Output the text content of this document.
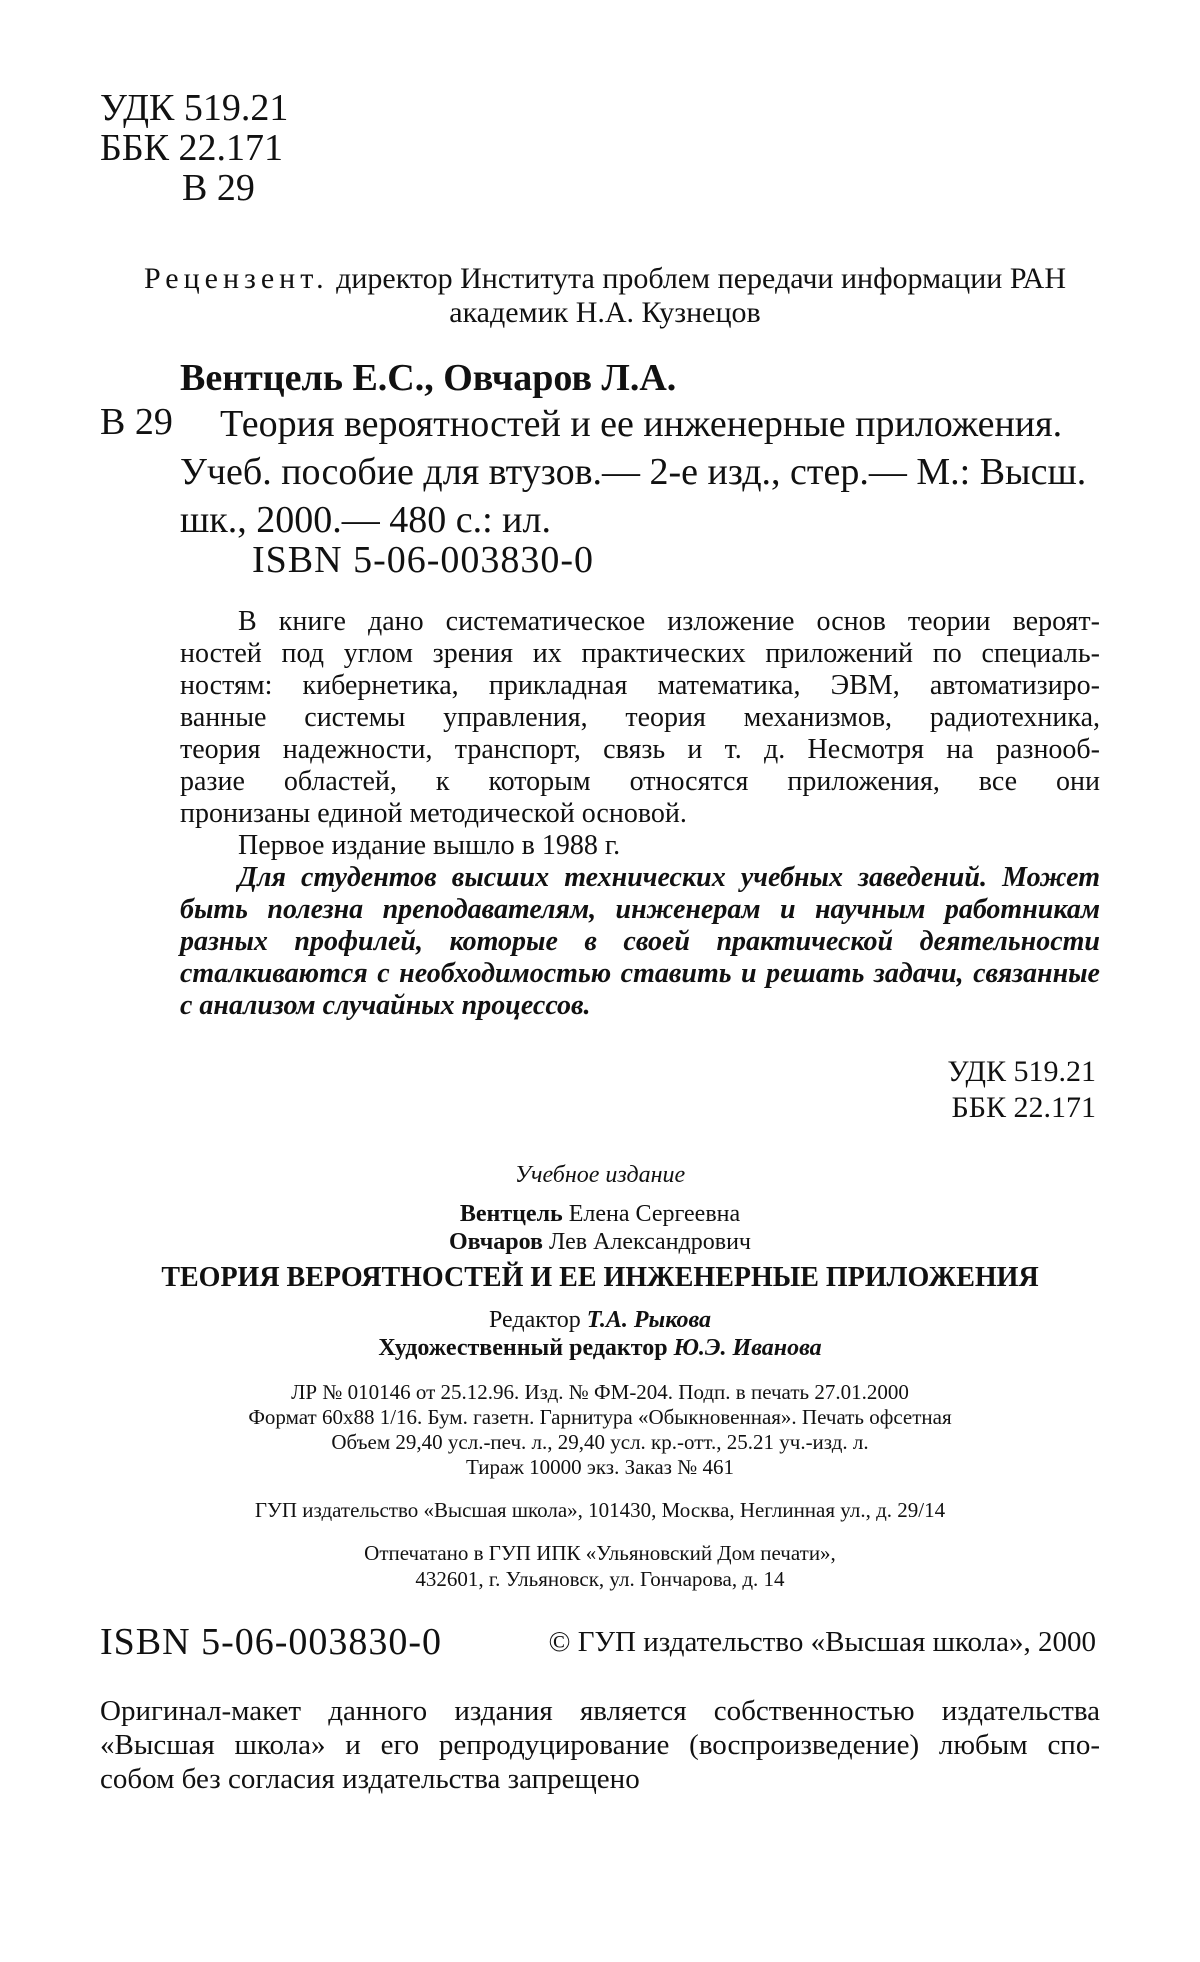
УДК 519.21
ББК 22.171
В 29
Рецензент. директор Института проблем передачи информации РАН
академик Н.А. Кузнецов
Вентцель Е.С., Овчаров Л.А.
В 29	Теория вероятностей и ее инженерные приложения.
Учеб. пособие для втузов.— 2-е изд., стер.— М.: Высш.
шк., 2000.— 480 с.: ил.
ISBN 5-06-003830-0
В книге дано систематическое изложение основ теории вероят-
ностей под углом зрения их практических приложений по специаль-
ностям: кибернетика, прикладная математика, ЭВМ, автоматизиро-
ванные системы управления, теория механизмов, радиотехника,
теория надежности, транспорт, связь и т. д. Несмотря на разнооб-
разие областей, к которым относятся приложения, все они
пронизаны единой методической основой.
Первое издание вышло в 1988 г.
Для студентов высших технических учебных заведений. Может
быть полезна преподавателям, инженерам и научным работникам
разных профилей, которые в своей практической деятельности
сталкиваются с необходимостью ставить и решать задачи, связанные
с анализом случайных процессов.
УДК 519.21
ББК 22.171
Учебное издание
Вентцель Елена Сергеевна
Овчаров Лев Александрович
ТЕОРИЯ ВЕРОЯТНОСТЕЙ И ЕЕ ИНЖЕНЕРНЫЕ ПРИЛОЖЕНИЯ
Редактор Т.А. Рыкова
Художественный редактор Ю.Э. Иванова
ЛР № 010146 от 25.12.96. Изд. № ФМ-204. Подп. в печать 27.01.2000
Формат 60x88 1/16. Бум. газетн. Гарнитура «Обыкновенная». Печать офсетная
Объем 29,40 усл.-печ. л., 29,40 усл. кр.-отт., 25.21 уч.-изд. л.
Тираж 10000 экз. Заказ № 461
ГУП издательство «Высшая школа», 101430, Москва, Неглинная ул., д. 29/14
Отпечатано в ГУП ИПК «Ульяновский Дом печати»,
432601, г. Ульяновск, ул. Гончарова, д. 14
ISBN 5-06-003830-0	© ГУП издательство «Высшая школа», 2000
Оригинал-макет данного издания является собственностью издательства
«Высшая школа» и его репродуцирование (воспроизведение) любым спо-
собом без согласия издательства запрещено
